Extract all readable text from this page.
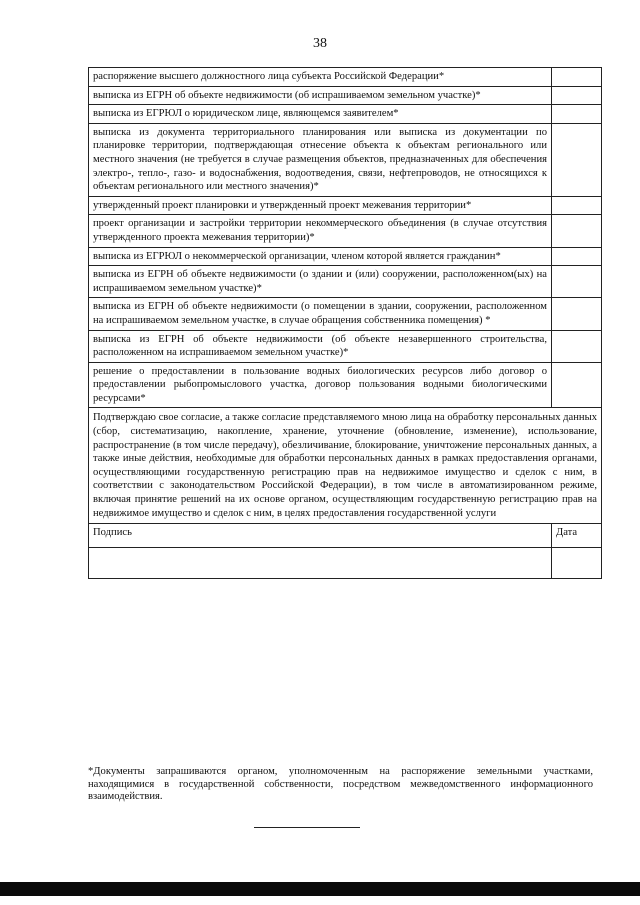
38
распоряжение высшего должностного лица субъекта Российской Федерации*	
выписка из ЕГРН об объекте недвижимости (об испрашиваемом земельном участке)*	
выписка из ЕГРЮЛ о юридическом лице, являющемся заявителем*	
выписка из документа территориального планирования или выписка из документации по планировке территории, подтверждающая отнесение объекта к объектам регионального или местного значения (не требуется в случае размещения объектов, предназначенных для обеспечения электро-, тепло-, газо- и водоснабжения, водоотведения, связи, нефтепроводов, не относящихся к объектам регионального или местного значения)*	
утвержденный проект планировки и утвержденный проект межевания территории*	
проект организации и застройки территории некоммерческого объединения (в случае отсутствия утвержденного проекта межевания территории)*	
выписка из ЕГРЮЛ о некоммерческой организации, членом которой является гражданин*	
выписка из ЕГРН об объекте недвижимости (о здании и (или) сооружении, расположенном(ых) на испрашиваемом земельном участке)*	
выписка из ЕГРН об объекте недвижимости (о помещении в здании, сооружении, расположенном на испрашиваемом земельном участке, в случае обращения собственника помещения) *	
выписка из ЕГРН об объекте недвижимости (об объекте незавершенного строительства, расположенном на испрашиваемом земельном участке)*	
решение о предоставлении в пользование водных биологических ресурсов либо договор о предоставлении рыбопромыслового участка, договор пользования водными биологическими ресурсами*	
Подтверждаю свое согласие, а также согласие представляемого мною лица на обработку персональных данных (сбор, систематизацию, накопление, хранение, уточнение (обновление, изменение), использование, распространение (в том числе передачу), обезличивание, блокирование, уничтожение персональных данных, а также иные действия, необходимые для обработки персональных данных в рамках предоставления органами, осуществляющими государственную регистрацию прав на недвижимое имущество и сделок с ним, в соответствии с законодательством Российской Федерации), в том числе в автоматизированном режиме, включая принятие решений на их основе органом, осуществляющим государственную регистрацию прав на недвижимое имущество и сделок с ним, в целях предоставления государственной услуги	
Подпись	Дата

*Документы запрашиваются органом, уполномоченным на распоряжение земельными участками, находящимися в государственной собственности, посредством межведомственного информационного взаимодействия.
